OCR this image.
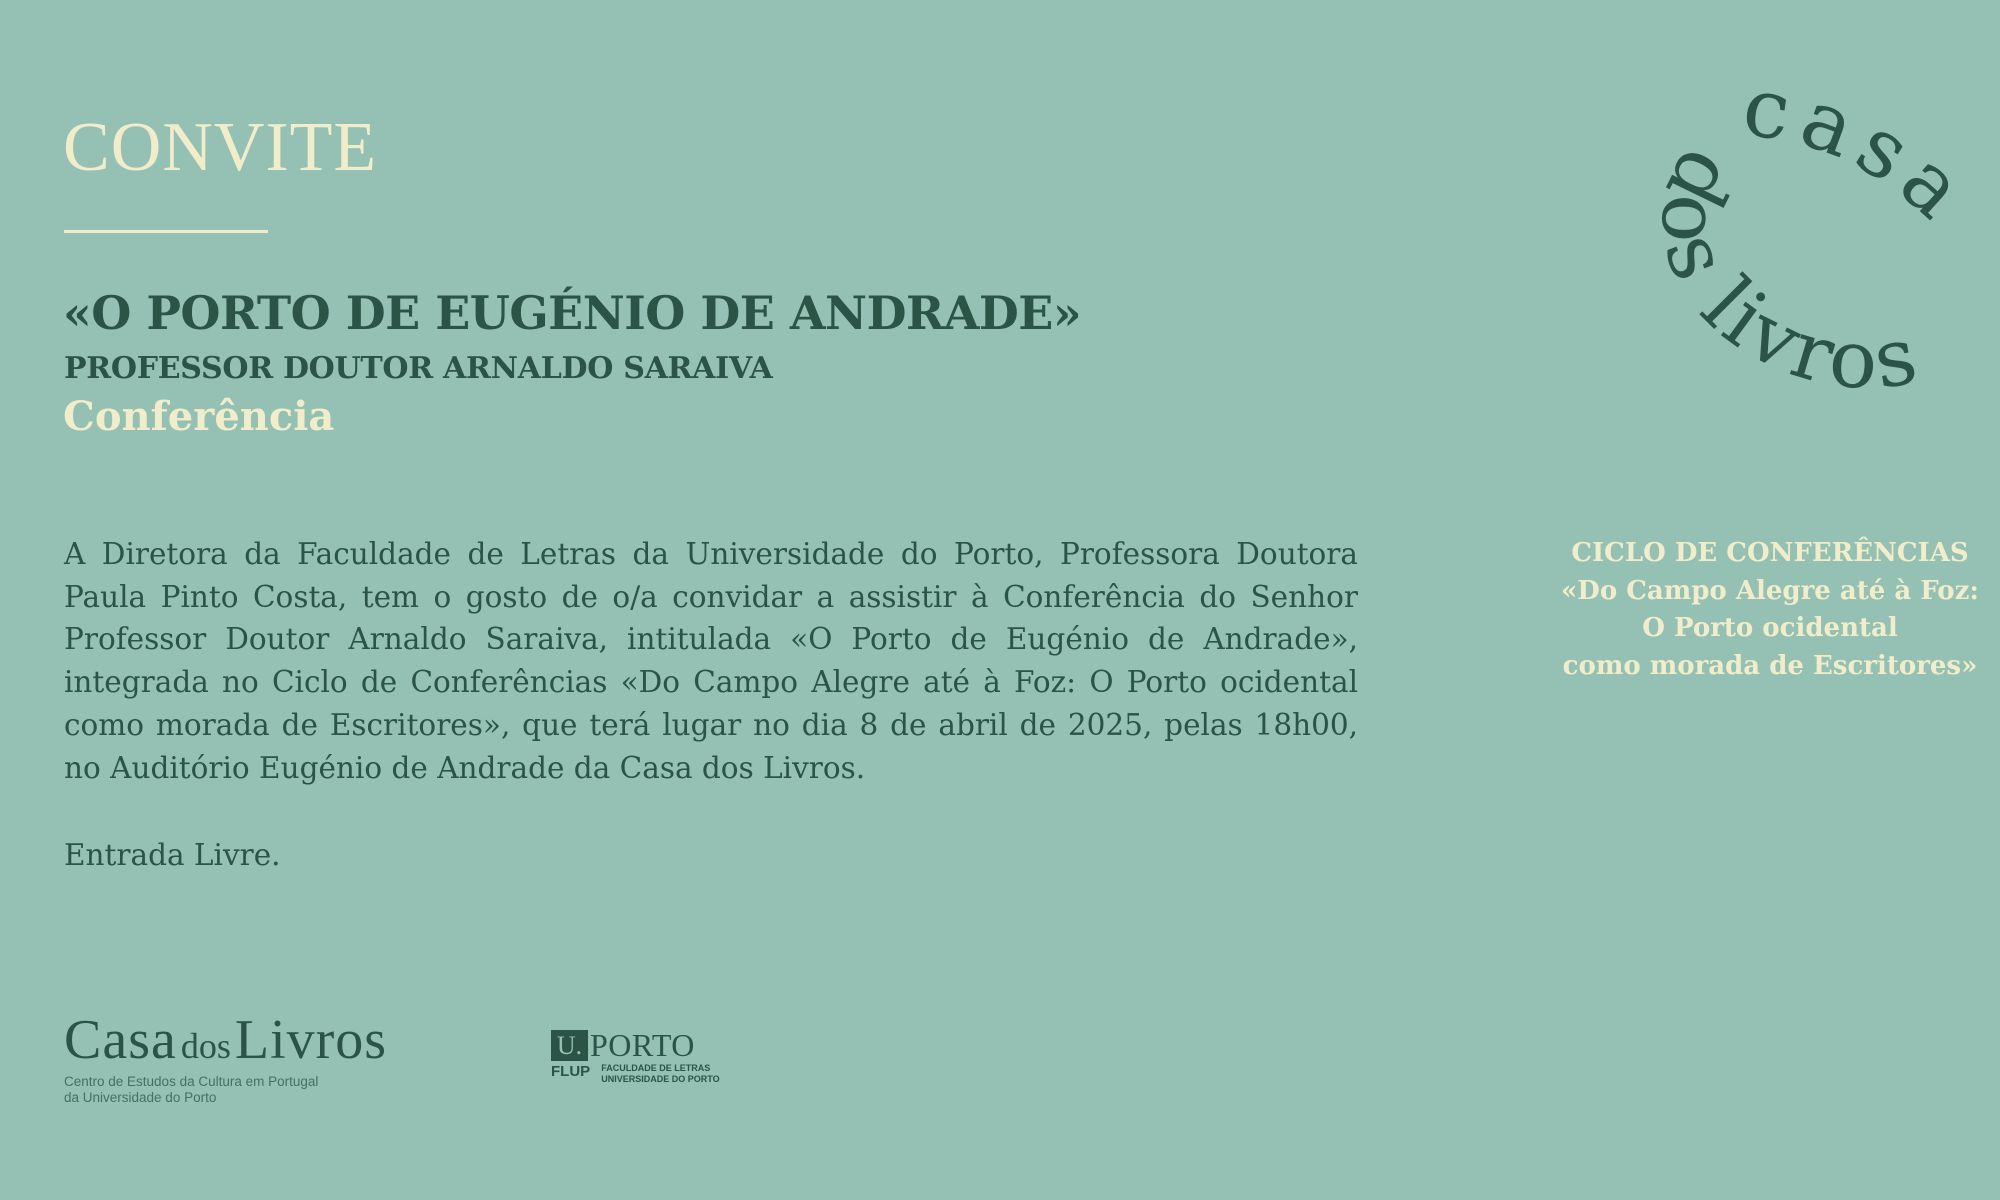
CONVITE
«O PORTO DE EUGÉNIO DE ANDRADE»
PROFESSOR DOUTOR ARNALDO SARAIVA
Conferência

A Diretora da Faculdade de Letras da Universidade do Porto, Professora Doutora Paula Pinto Costa, tem o gosto de o/a convidar a assistir à Conferência do Senhor Professor Doutor Arnaldo Saraiva, intitulada «O Porto de Eugénio de Andrade», integrada no Ciclo de Conferências «Do Campo Alegre até à Foz: O Porto ocidental como morada de Escritores», que terá lugar no dia 8 de abril de 2025, pelas 18h00, no Auditório Eugénio de Andrade da Casa dos Livros.

Entrada Livre.

casa
dos livros
CICLO DE CONFERÊNCIAS
«Do Campo Alegre até à Foz:
O Porto ocidental
como morada de Escritores»
Casa dos Livros
Centro de Estudos da Cultura em Portugal
da Universidade do Porto
U. PORTO
FLUP FACULDADE DE LETRAS
UNIVERSIDADE DO PORTO
